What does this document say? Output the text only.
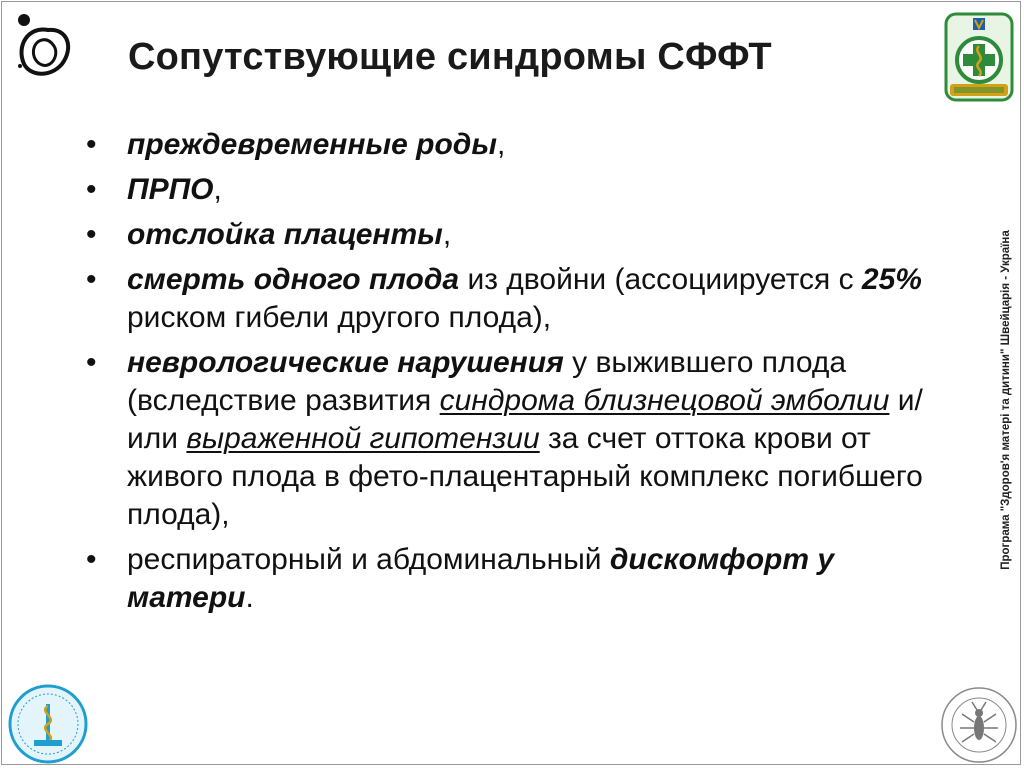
Сопутствующие синдромы СФФТ
Програма "Здоров'я матері та дитини" Швейцарія - Україна
• преждевременные роды,
• ПРПО,
• отслойка плаценты,
• смерть одного плода из двойни (ассоциируется с 25% риском гибели другого плода),
• неврологические нарушения у выжившего плода (вследствие развития синдрома близнецовой эмболии и/или выраженной гипотензии за счет оттока крови от живого плода в фето-плацентарный комплекс погибшего плода),
• респираторный и абдоминальный дискомфорт у матери.
